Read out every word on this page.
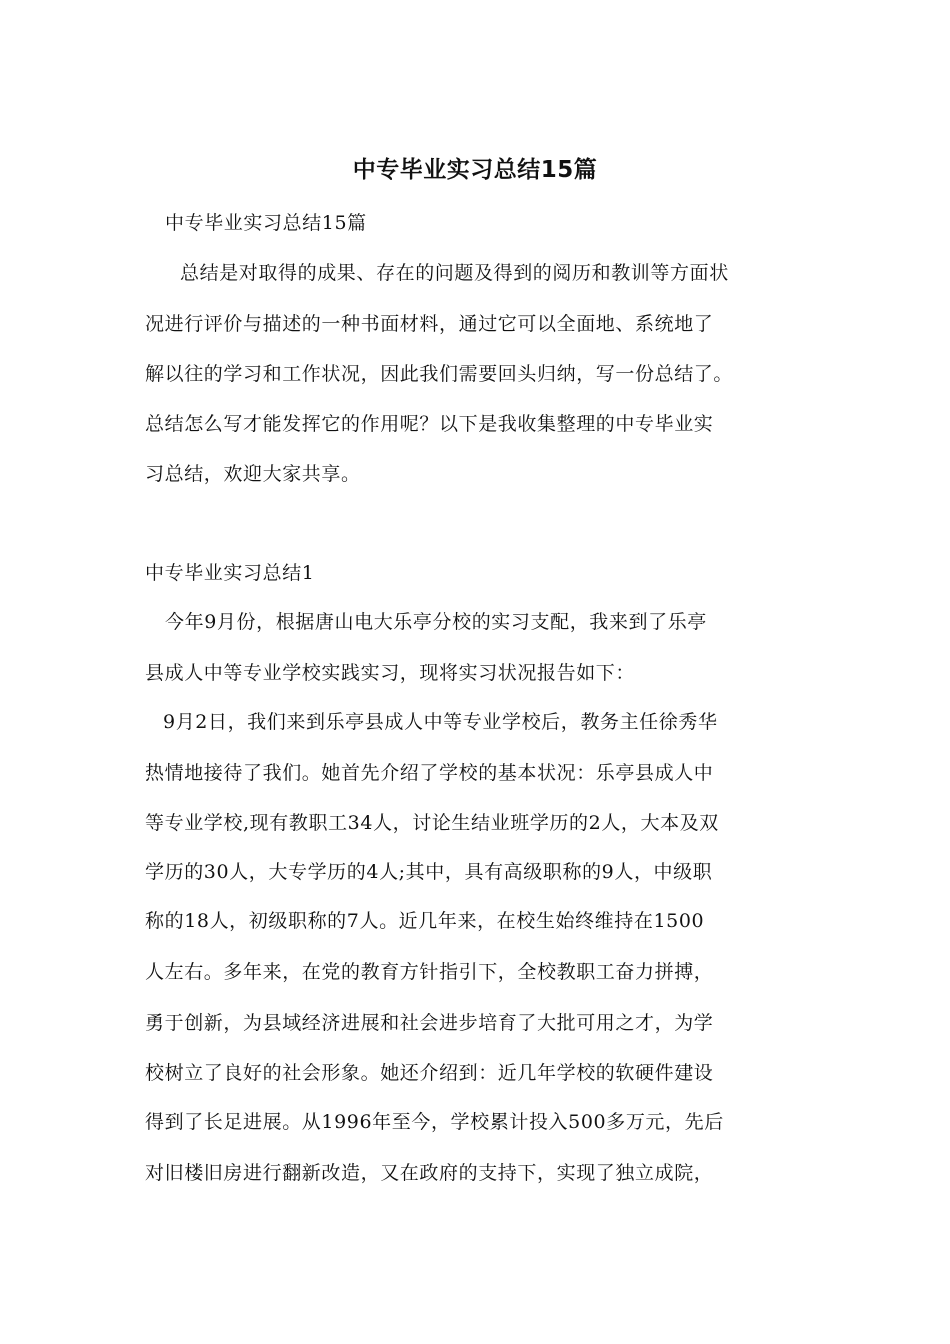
中专毕业实习总结15篇
中专毕业实习总结15篇
总结是对取得的成果、存在的问题及得到的阅历和教训等方面状
况进行评价与描述的一种书面材料，通过它可以全面地、系统地了
解以往的学习和工作状况，因此我们需要回头归纳，写一份总结了。
总结怎么写才能发挥它的作用呢？以下是我收集整理的中专毕业实
习总结，欢迎大家共享。
中专毕业实习总结1
今年9月份，根据唐山电大乐亭分校的实习支配，我来到了乐亭
县成人中等专业学校实践实习，现将实习状况报告如下：
9月2日，我们来到乐亭县成人中等专业学校后，教务主任徐秀华
热情地接待了我们。她首先介绍了学校的基本状况：乐亭县成人中
等专业学校,现有教职工34人，讨论生结业班学历的2人，大本及双
学历的30人，大专学历的4人;其中，具有高级职称的9人，中级职
称的18人，初级职称的7人。近几年来，在校生始终维持在1500
人左右。多年来，在党的教育方针指引下，全校教职工奋力拼搏，
勇于创新，为县域经济进展和社会进步培育了大批可用之才，为学
校树立了良好的社会形象。她还介绍到：近几年学校的软硬件建设
得到了长足进展。从1996年至今，学校累计投入500多万元，先后
对旧楼旧房进行翻新改造，又在政府的支持下，实现了独立成院，
